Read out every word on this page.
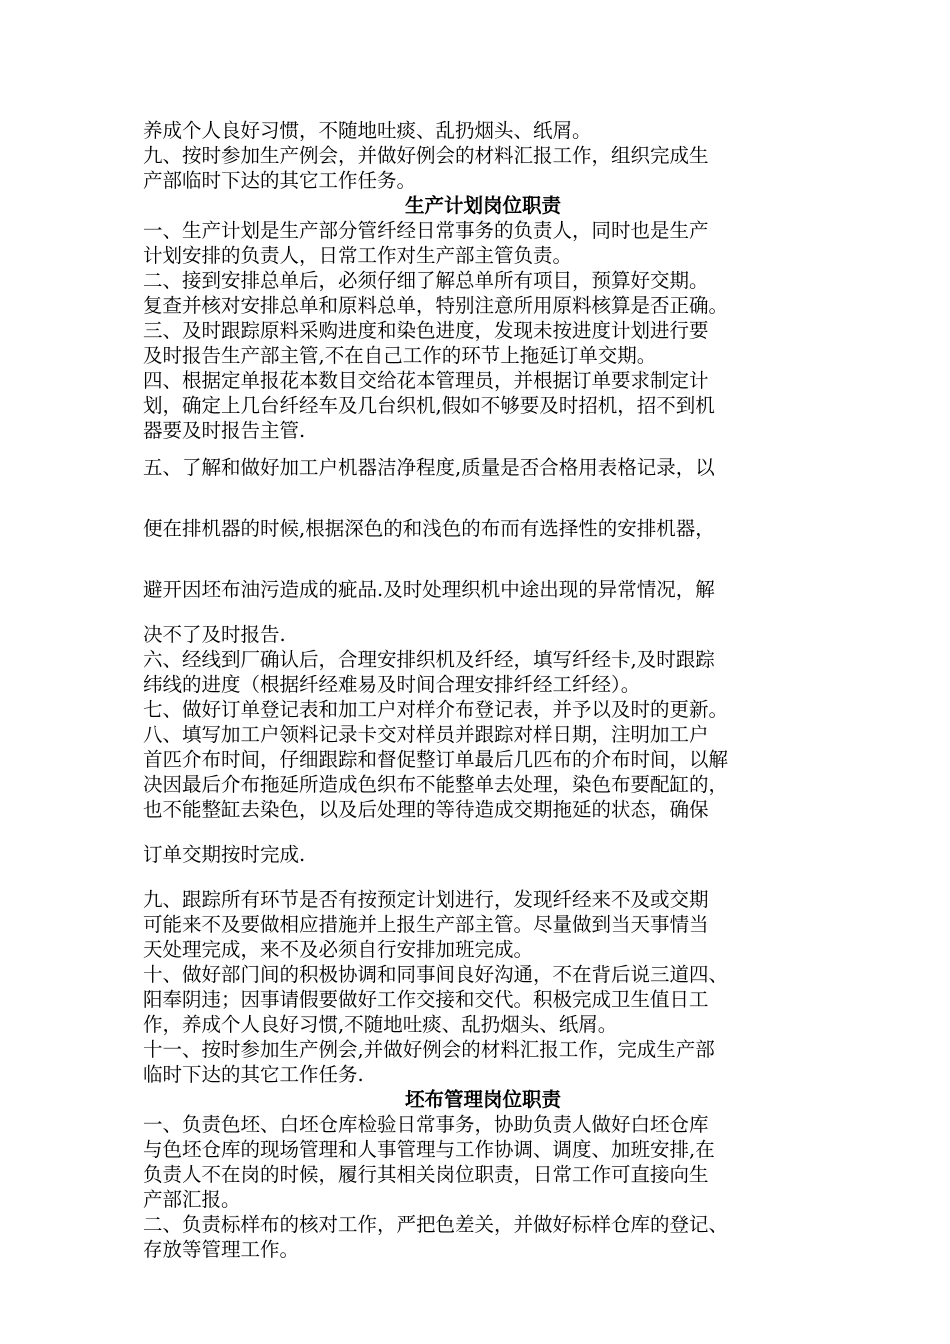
养成个人良好习惯，不随地吐痰、乱扔烟头、纸屑。
九、按时参加生产例会，并做好例会的材料汇报工作，组织完成生
产部临时下达的其它工作任务。
生产计划岗位职责
一、生产计划是生产部分管纤经日常事务的负责人，同时也是生产
计划安排的负责人，日常工作对生产部主管负责。
二、接到安排总单后，必须仔细了解总单所有项目，预算好交期。
复查并核对安排总单和原料总单，特别注意所用原料核算是否正确。
三、及时跟踪原料采购进度和染色进度，发现未按进度计划进行要
及时报告生产部主管,不在自己工作的环节上拖延订单交期。
四、根据定单报花本数目交给花本管理员，并根据订单要求制定计
划，确定上几台纤经车及几台织机,假如不够要及时招机，招不到机
器要及时报告主管.
五、了解和做好加工户机器洁净程度,质量是否合格用表格记录，以
便在排机器的时候,根据深色的和浅色的布而有选择性的安排机器，
避开因坯布油污造成的疵品.及时处理织机中途出现的异常情况，解
决不了及时报告.
六、经线到厂确认后，合理安排织机及纤经，填写纤经卡,及时跟踪
纬线的进度（根据纤经难易及时间合理安排纤经工纤经）。
七、做好订单登记表和加工户对样介布登记表，并予以及时的更新。
八、填写加工户领料记录卡交对样员并跟踪对样日期，注明加工户
首匹介布时间，仔细跟踪和督促整订单最后几匹布的介布时间，以解
决因最后介布拖延所造成色织布不能整单去处理，染色布要配缸的，
也不能整缸去染色，以及后处理的等待造成交期拖延的状态，确保
订单交期按时完成.
九、跟踪所有环节是否有按预定计划进行，发现纤经来不及或交期
可能来不及要做相应措施并上报生产部主管。尽量做到当天事情当
天处理完成，来不及必须自行安排加班完成。
十、做好部门间的积极协调和同事间良好沟通，不在背后说三道四、
阳奉阴违；因事请假要做好工作交接和交代。积极完成卫生值日工
作，养成个人良好习惯,不随地吐痰、乱扔烟头、纸屑。
十一、按时参加生产例会,并做好例会的材料汇报工作，完成生产部
临时下达的其它工作任务.
坯布管理岗位职责
一、负责色坯、白坯仓库检验日常事务，协助负责人做好白坯仓库
与色坯仓库的现场管理和人事管理与工作协调、调度、加班安排,在
负责人不在岗的时候，履行其相关岗位职责，日常工作可直接向生
产部汇报。
二、负责标样布的核对工作，严把色差关，并做好标样仓库的登记、
存放等管理工作。
